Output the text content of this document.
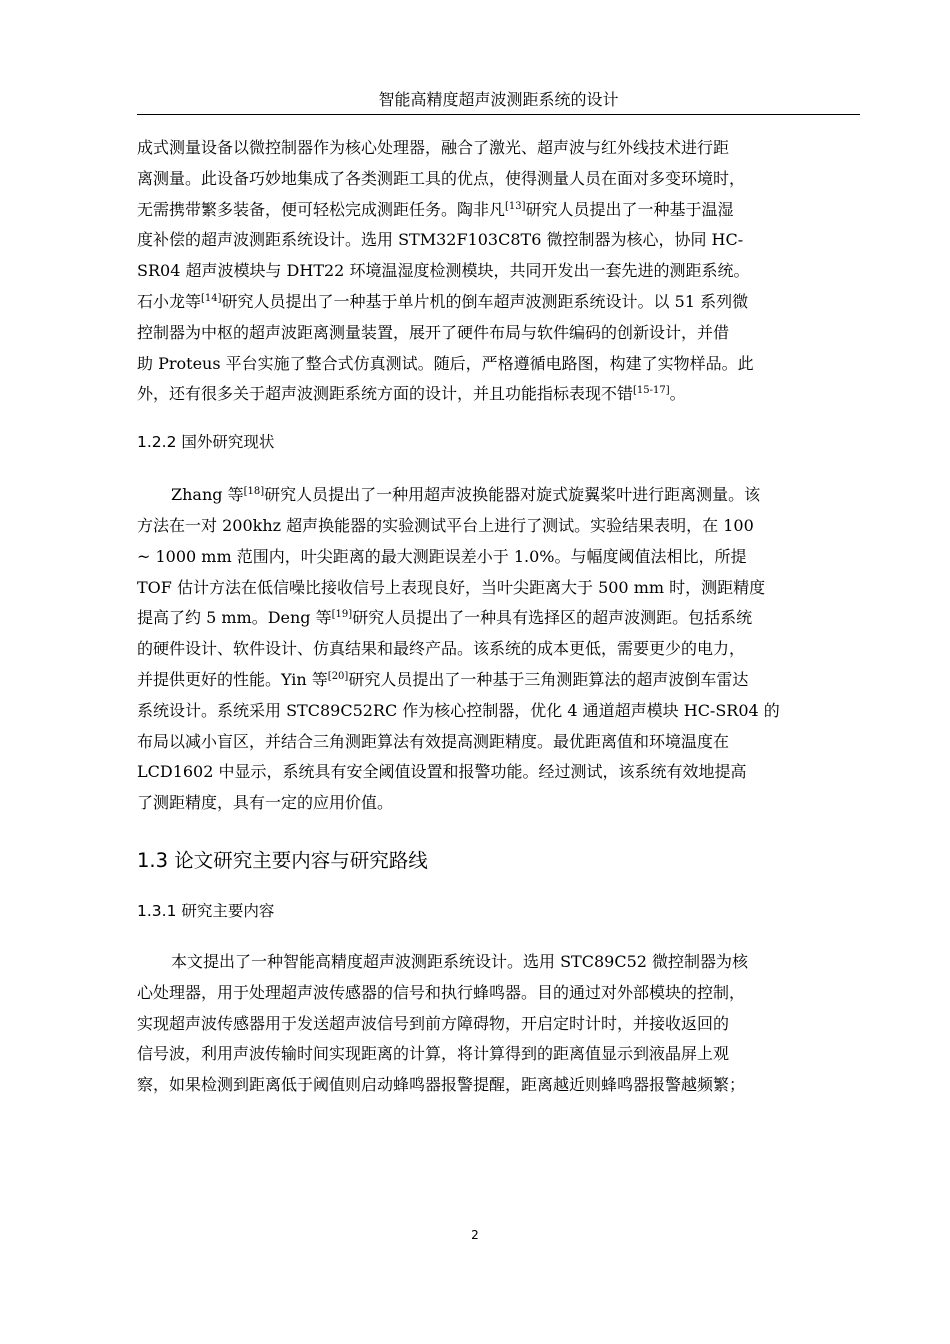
智能高精度超声波测距系统的设计

成式测量设备以微控制器作为核心处理器，融合了激光、超声波与红外线技术进行距
离测量。此设备巧妙地集成了各类测距工具的优点，使得测量人员在面对多变环境时，
无需携带繁多装备，便可轻松完成测距任务。陶非凡[13]研究人员提出了一种基于温湿
度补偿的超声波测距系统设计。选用 STM32F103C8T6 微控制器为核心，协同 HC-
SR04 超声波模块与 DHT22 环境温湿度检测模块，共同开发出一套先进的测距系统。
石小龙等[14]研究人员提出了一种基于单片机的倒车超声波测距系统设计。以 51 系列微
控制器为中枢的超声波距离测量装置，展开了硬件布局与软件编码的创新设计，并借
助 Proteus 平台实施了整合式仿真测试。随后，严格遵循电路图，构建了实物样品。此
外，还有很多关于超声波测距系统方面的设计，并且功能指标表现不错[15-17]。

1.2.2 国外研究现状

Zhang 等[18]研究人员提出了一种用超声波换能器对旋式旋翼桨叶进行距离测量。该
方法在一对 200khz 超声换能器的实验测试平台上进行了测试。实验结果表明，在 100
~ 1000 mm 范围内，叶尖距离的最大测距误差小于 1.0%。与幅度阈值法相比，所提
TOF 估计方法在低信噪比接收信号上表现良好，当叶尖距离大于 500 mm 时，测距精度
提高了约 5 mm。Deng 等[19]研究人员提出了一种具有选择区的超声波测距。包括系统
的硬件设计、软件设计、仿真结果和最终产品。该系统的成本更低，需要更少的电力，
并提供更好的性能。Yin 等[20]研究人员提出了一种基于三角测距算法的超声波倒车雷达
系统设计。系统采用 STC89C52RC 作为核心控制器，优化 4 通道超声模块 HC-SR04 的
布局以减小盲区，并结合三角测距算法有效提高测距精度。最优距离值和环境温度在
LCD1602 中显示，系统具有安全阈值设置和报警功能。经过测试，该系统有效地提高
了测距精度，具有一定的应用价值。

1.3 论文研究主要内容与研究路线
1.3.1 研究主要内容

本文提出了一种智能高精度超声波测距系统设计。选用 STC89C52 微控制器为核
心处理器，用于处理超声波传感器的信号和执行蜂鸣器。目的通过对外部模块的控制，
实现超声波传感器用于发送超声波信号到前方障碍物，开启定时计时，并接收返回的
信号波，利用声波传输时间实现距离的计算，将计算得到的距离值显示到液晶屏上观
察，如果检测到距离低于阈值则启动蜂鸣器报警提醒，距离越近则蜂鸣器报警越频繁；

2
